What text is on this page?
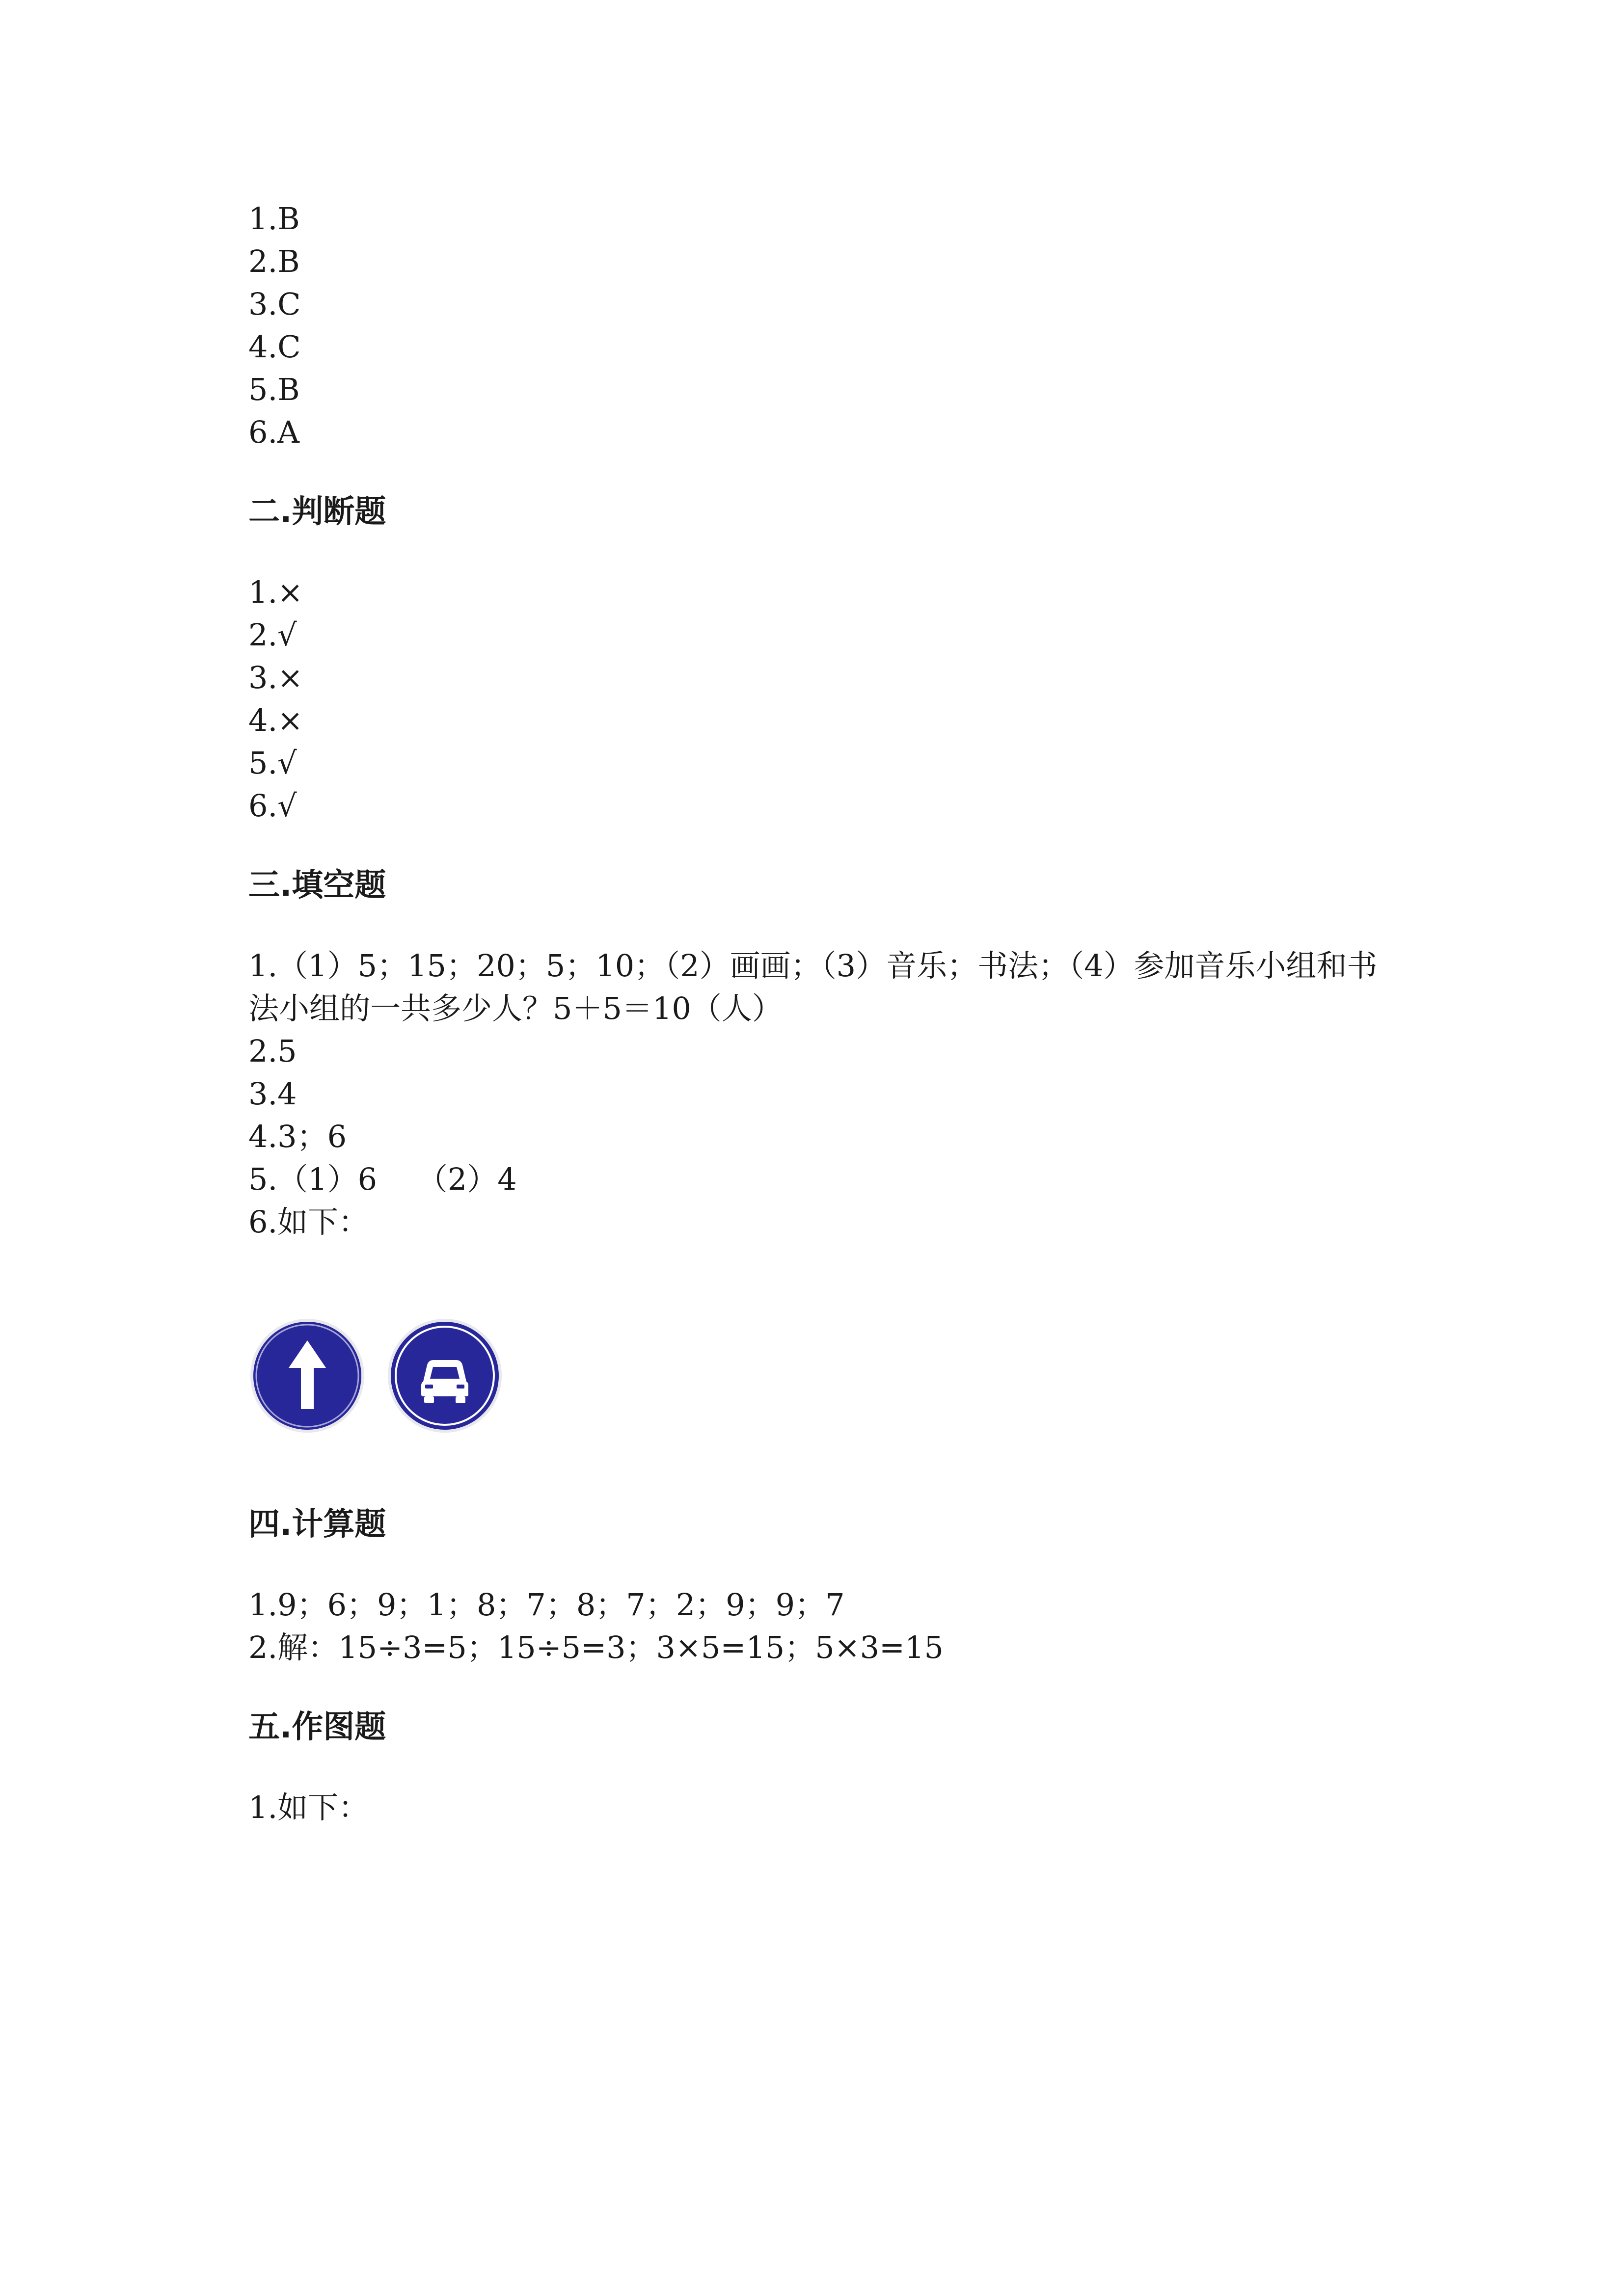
1.B
2.B
3.C
4.C
5.B
6.A
二.判断题
1.×
2.√
3.×
4.×
5.√
6.√
三.填空题
1.（1）5；15；20；5；10；（2）画画；（3）音乐；书法；（4）参加音乐小组和书法小组的一共多少人？5＋5＝10（人）
2.5
3.4
4.3；6
5.（1）6　 （2）4
6.如下：
四.计算题
1.9；6；9；1；8；7；8；7；2；9；9；7
2.解：15÷3=5；15÷5=3；3×5=15；5×3=15
五.作图题
1.如下：
